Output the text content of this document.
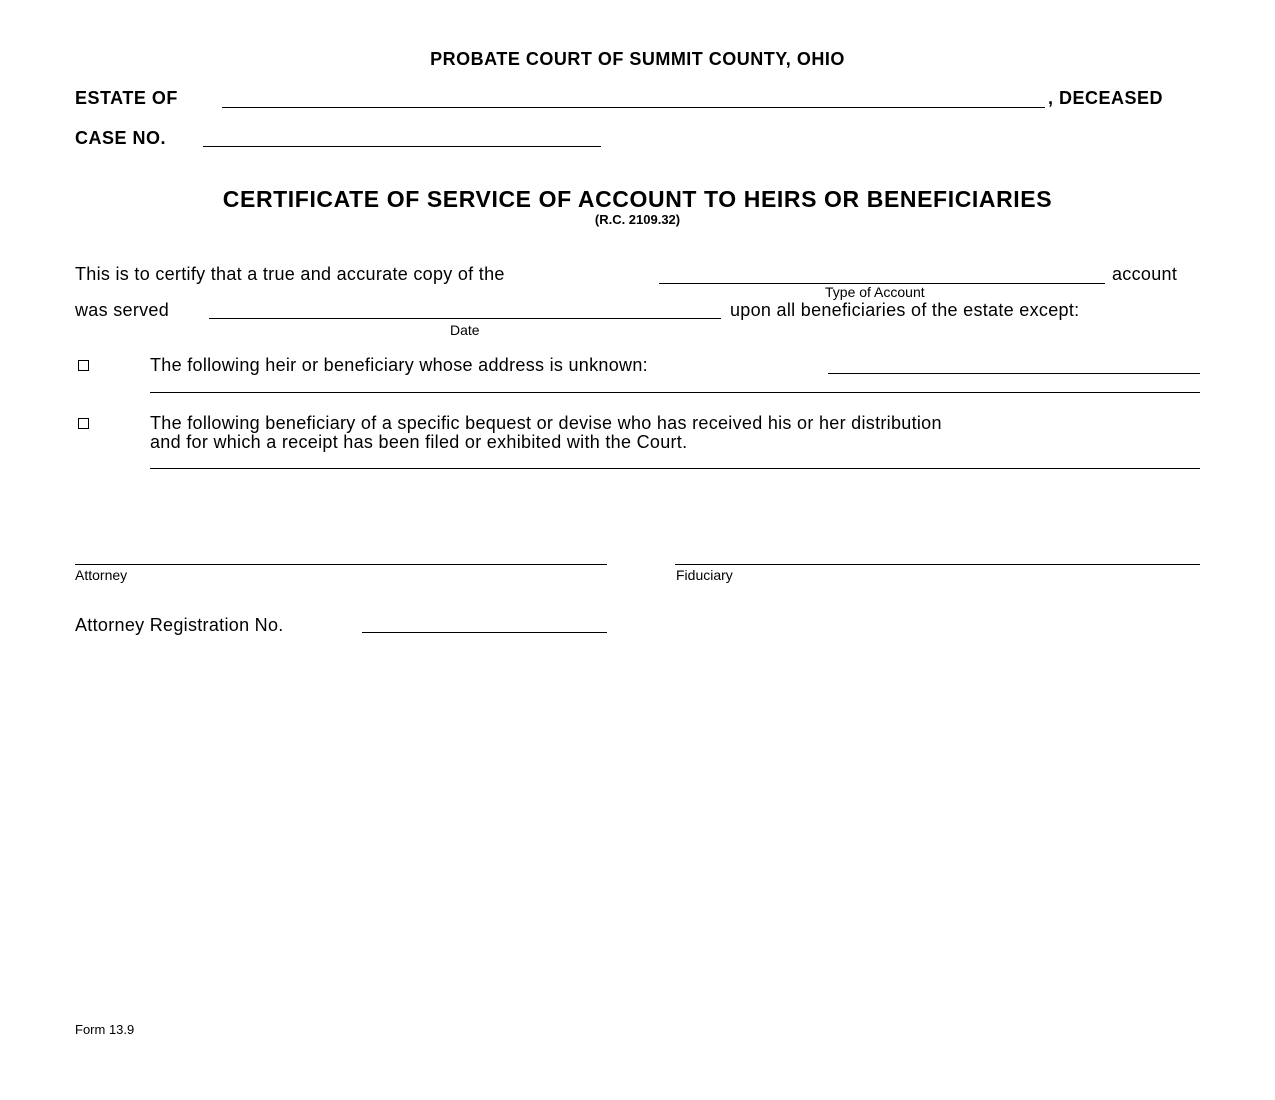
PROBATE COURT OF SUMMIT COUNTY, OHIO
ESTATE OF	, DECEASED
CASE NO.
CERTIFICATE OF SERVICE OF ACCOUNT TO HEIRS OR BENEFICIARIES
(R.C. 2109.32)
This is to certify that a true and accurate copy of the	account
Type of Account
was served	upon all beneficiaries of the estate except:
Date
The following heir or beneficiary whose address is unknown:
The following beneficiary of a specific bequest or devise who has received his or her distribution
and for which a receipt has been filed or exhibited with the Court.
Attorney	Fiduciary
Attorney Registration No.
Form 13.9
